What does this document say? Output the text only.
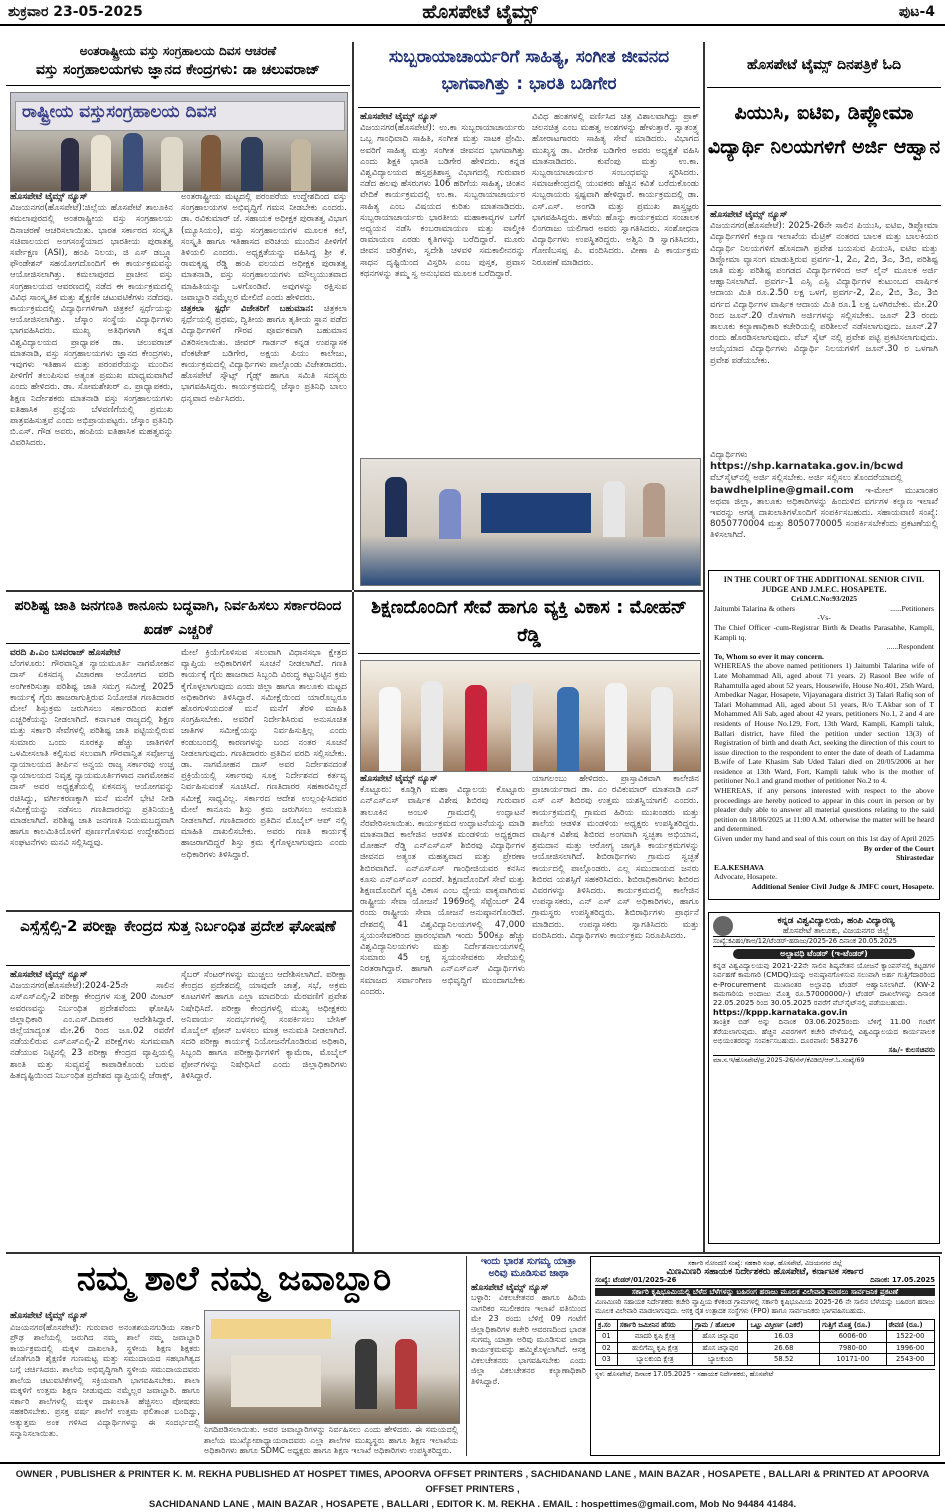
ಶುಕ್ರವಾರ 23-05-2025	ಹೊಸಪೇಟೆ ಟೈಮ್ಸ್	ಪುಟ-4
ಅಂತರಾಷ್ಟ್ರೀಯ ವಸ್ತು ಸಂಗ್ರಹಾಲಯ ದಿವಸ ಆಚರಣೆ
ವಸ್ತು ಸಂಗ್ರಹಾಲಯಗಳು ಜ್ಞಾನದ ಕೇಂದ್ರಗಳು: ಡಾ ಚಲುವರಾಜ್
ರಾಷ್ಟ್ರೀಯ ವಸ್ತುಸಂಗ್ರಹಾಲಯ ದಿವಸ
ಹೊಸಪೇಟೆ ಟೈಮ್ಸ್ ನ್ಯೂಸ್
ವಿಜಯನಗರ(ಹೊಸಪೇಟೆ):ಜಿಲ್ಲೆಯ ಹೊಸಪೇಟೆ ತಾಲೂಕಿನ ಕಮಲಾಪುರದಲ್ಲಿ ಅಂತರಾಷ್ಟ್ರೀಯ ವಸ್ತು ಸಂಗ್ರಹಾಲಯ ದಿನಾಚರಣೆ ಆಚರಿಸಲಾಯಿತು. ಭಾರತ ಸರ್ಕಾರದ ಸಂಸ್ಕೃತಿ ಸಚಿವಾಲಯದ ಅಂಗಸಂಸ್ಥೆಯಾದ ಭಾರತೀಯ ಪುರಾತತ್ವ ಸರ್ವೇಕ್ಷಣ (ASI), ಹಂಪಿ ನಿಲಯ, ಜಿ ಎಸ್ ಡಬ್ಲ್ಯೂ ಫೌಂಡೇಶನ್ ಸಹಯೋಗದೊಂದಿಗೆ ಈ ಕಾರ್ಯಕ್ರಮವನ್ನು ಆಯೋಜಿಸಲಾಗಿತ್ತು. ಕಮಲಾಪುರದ ಪ್ರಾಚೀನ ವಸ್ತು ಸಂಗ್ರಹಾಲಯದ ಆವರಣದಲ್ಲಿ ನಡೆದ ಈ ಕಾರ್ಯಕ್ರಮದಲ್ಲಿ ವಿವಿಧ ಸಾಂಸ್ಕೃತಿಕ ಮತ್ತು ಶೈಕ್ಷಣಿಕ ಚಟುವಟಿಕೆಗಳು ನಡೆದವು. ಕಾರ್ಯಕ್ರಮದಲ್ಲಿ ವಿದ್ಯಾರ್ಥಿಗಳಿಗಾಗಿ ಚಿತ್ರಕಲೆ ಸ್ಪರ್ಧೆಯನ್ನು ಆಯೋಜಿಸಲಾಗಿತ್ತು. ಜೆಸ್ಕಾಂ ಸಂಸ್ಥೆಯ ವಿದ್ಯಾರ್ಥಿಗಳು ಭಾಗವಹಿಸಿದರು. ಮುಖ್ಯ ಅತಿಥಿಗಳಾಗಿ ಕನ್ನಡ ವಿಶ್ವವಿದ್ಯಾಲಯದ ಪ್ರಾಧ್ಯಾಪಕ ಡಾ. ಚಲುವರಾಜ್ ಮಾತನಾಡಿ, ವಸ್ತು ಸಂಗ್ರಹಾಲಯಗಳು ಜ್ಞಾನದ ಕೇಂದ್ರಗಳು, ಇವುಗಳು ಇತಿಹಾಸ ಮತ್ತು ಪರಂಪರೆಯನ್ನು ಮುಂದಿನ ಪೀಳಿಗೆಗೆ ತಲುಪಿಸುವ ಅತ್ಯಂತ ಪ್ರಮುಖ ಮಾಧ್ಯಮವಾಗಿವೆ ಎಂದು ಹೇಳಿದರು. ಡಾ. ಸೋಮಶೇಖರ್ ಎ. ಪ್ರಾಧ್ಯಾಪಕರು, ಶಿಕ್ಷಣ ನಿರ್ದೇಶಕರು ಮಾತನಾಡಿ ವಸ್ತು ಸಂಗ್ರಹಾಲಯಗಳು ಐತಿಹಾಸಿಕ ಪ್ರಜ್ಞೆಯ ಬೆಳವಣಿಗೆಯಲ್ಲಿ ಪ್ರಮುಖ ಪಾತ್ರವಹಿಸುತ್ತವೆ ಎಂದು ಅಭಿಪ್ರಾಯಪಟ್ಟರು. ಜೆಸ್ಕಾಂ ಪ್ರತಿನಿಧಿ ಬಿ.ಎಸ್. ಗೌಡ ಅವರು, ಹಂಪಿಯ ಐತಿಹಾಸಿಕ ಮಹತ್ವವನ್ನು ವಿವರಿಸಿದರು.
ಅಂತರಾಷ್ಟ್ರೀಯ ಮಟ್ಟದಲ್ಲಿ ಪರಂಪರೆಯ ಉದ್ದೇಶದಿಂದ ವಸ್ತು ಸಂಗ್ರಹಾಲಯಗಳ ಅಭಿವೃದ್ಧಿಗೆ ಗಮನ ನೀಡಬೇಕು ಎಂದರು. ಡಾ. ರವಿಕುಮಾರ್ ಜೆ. ಸಹಾಯಕ ಅಧೀಕ್ಷಕ ಪುರಾತತ್ವ ವಿಭಾಗ (ಮ್ಯೂಸಿಯಂ), ವಸ್ತು ಸಂಗ್ರಹಾಲಯಗಳ ಮೂಲಕ ಕಲೆ, ಸಂಸ್ಕೃತಿ ಹಾಗೂ ಇತಿಹಾಸದ ಪರಿಚಯ ಮುಂದಿನ ಪೀಳಿಗೆಗೆ ತಿಳಿಯಲಿ ಎಂದರು. ಅಧ್ಯಕ್ಷತೆಯನ್ನು ವಹಿಸಿದ್ದ ಶ್ರೀ ಕೆ. ರಾಮಕೃಷ್ಣ ರೆಡ್ಡಿ ಹಂಪಿ ವಲಯದ ಅಧೀಕ್ಷಕ ಪುರಾತತ್ವ ಮಾತನಾಡಿ, ವಸ್ತು ಸಂಗ್ರಹಾಲಯಗಳು ಮೌಲ್ಯಯುತವಾದ ಮಾಹಿತಿಯನ್ನು ಒಳಗೊಂಡಿವೆ. ಅವುಗಳನ್ನು ರಕ್ಷಿಸುವ ಜವಾಬ್ದಾರಿ ನಮ್ಮೆಲ್ಲರ ಮೇಲಿದೆ ಎಂದು ಹೇಳಿದರು.
ಚಿತ್ರಕಲಾ ಸ್ಪರ್ಧೆ ವಿಜೇತರಿಗೆ ಬಹುಮಾನ: ಚಿತ್ರಕಲಾ ಸ್ಪರ್ಧೆಯಲ್ಲಿ ಪ್ರಥಮ, ದ್ವಿತೀಯ ಹಾಗೂ ತೃತೀಯ ಸ್ಥಾನ ಪಡೆದ ವಿದ್ಯಾರ್ಥಿಗಳಿಗೆ ಗೌರವ ಪೂರ್ವಕವಾಗಿ ಬಹುಮಾನ ವಿತರಿಸಲಾಯಿತು. ಜೀವರ್ ಗಾರ್ಡನ್ ಕನ್ನಡ ಉಪನ್ಯಾಸಕ ವೆಂಕಟೇಶ್ ಬಡಿಗೇರ, ಅಕ್ಷಯ ಪಿಯು ಕಾಲೇಜು, ಕಾರ್ಯಕ್ರಮದಲ್ಲಿ ವಿದ್ಯಾರ್ಥಿಗಳು ಪಾಲ್ಗೊಂಡು ವಿಜೇತರಾದರು. ಹೊಸಪೇಟೆ ಸ್ಕೌಟ್ಸ್ ಗೈಡ್ಸ್ ಹಾಗೂ ಸಮಿತಿ ಸದಸ್ಯರು ಭಾಗವಹಿಸಿದ್ದರು. ಕಾರ್ಯಕ್ರಮದಲ್ಲಿ ಜೆಸ್ಕಾಂ ಪ್ರತಿನಿಧಿ ಬಾಲು ಧನ್ಯವಾದ ಅರ್ಪಿಸಿದರು.
ಸುಬ್ಬರಾಯಾಚಾರ್ಯರಿಗೆ ಸಾಹಿತ್ಯ, ಸಂಗೀತ ಜೀವನದ ಭಾಗವಾಗಿತ್ತು : ಭಾರತಿ ಬಡಿಗೇರ
ಹೊಸಪೇಟೆ ಟೈಮ್ಸ್ ನ್ಯೂಸ್
ವಿಜಯನಗರ(ಹೊಸಪೇಟೆ): ಉ.ಕಾ ಸುಬ್ಬರಾಯಾಚಾರ್ಯರು ಒಬ್ಬ ಗಾಂಧಿವಾದಿ ಸಾಹಿತಿ, ಸಂಗೀತ ಮತ್ತು ನಾಟಕ ಪ್ರೇಮಿ. ಅವರಿಗೆ ಸಾಹಿತ್ಯ ಮತ್ತು ಸಂಗೀತ ಜೀವನದ ಭಾಗವಾಗಿತ್ತು ಎಂದು ಶಿಕ್ಷಕಿ ಭಾರತಿ ಬಡಿಗೇರ ಹೇಳಿದರು. ಕನ್ನಡ ವಿಶ್ವವಿದ್ಯಾಲಯದ ಹಸ್ತಪ್ರತಿಶಾಸ್ತ್ರ ವಿಭಾಗದಲ್ಲಿ ಗುರುವಾರ ನಡೆದ ಹಲವು ಹೆಸರುಗಳು 106 ಹರಿಗೆಯ ಸಾಹಿತ್ಯ, ಚಿಂತನ ವೇದಿಕೆ ಕಾರ್ಯಕ್ರಮದಲ್ಲಿ ಉ.ಕಾ. ಸುಬ್ಬರಾಯಾಚಾರ್ಯರ ಸಾಹಿತ್ಯ ಎಂಬ ವಿಷಯದ ಕುರಿತು ಮಾತನಾಡಿದರು. ಸುಬ್ಬರಾಯಾಚಾರ್ಯರು ಭಾರತೀಯ ಮಹಾಕಾವ್ಯಗಳ ಬಗೆಗೆ ಅಧ್ಯಯನ ನಡೆಸಿ ಕಂಬರಾಮಾಯಣ ಮತ್ತು ವಾಲ್ಮೀಕಿ ರಾಮಾಯಣ ಎರಡು ಕೃತಿಗಳನ್ನು ಬರೆದಿದ್ದಾರೆ. ಮೂರು ಜೀವನ ಚರಿತ್ರೆಗಳು, ಸ್ವದೇಶಿ ಚಳವಳಿ ಸಮಕಾಲೀನರನ್ನು ಸಾಧನ ದೃಷ್ಟಿಯಿಂದ ವಿಸ್ತರಿಸಿ ಎಂಬ ಪುಸ್ತಕ, ಪ್ರವಾಸ ಕಥನಗಳನ್ನು ತಮ್ಮ ಸ್ವ ಅನುಭವದ ಮೂಲಕ ಬರೆದಿದ್ದಾರೆ.
ವಿವಿಧ ಹಂತಗಳಲ್ಲಿ ವರ್ಣಿಸಿದ ಚಿತ್ರ ವಿಶಾಲವಾಗಿದ್ದು ಪ್ರಾಕ್ ಚಲನಚಿತ್ರ ಎಂಬ ಮಹತ್ವ ಅಂಶಗಳನ್ನು ಹೇಳುತ್ತಾರೆ. ಸ್ವಾತಂತ್ರ್ಯ ಹೋರಾಟಗಾರರು ಸಾಹಿತ್ಯ ಸೇವೆ ಮಾಡಿದರು. ವಿಭಾಗದ ಮುಖ್ಯಸ್ಥ ಡಾ. ವೀರೇಶ ಬಡಿಗೇರ ಅವರು ಅಧ್ಯಕ್ಷತೆ ವಹಿಸಿ ಮಾತನಾಡಿದರು. ಕುವೆಂಪು ಮತ್ತು ಉ.ಕಾ. ಸುಬ್ಬರಾಯಾಚಾರ್ಯರ ಸಂಬಂಧವನ್ನು ಸ್ಮರಿಸಿದರು. ಸಮಾಜಕೇಂದ್ರದಲ್ಲಿ ಯುವಕರು ಹೆಚ್ಚಿನ ಕವಿತೆ ಬರೆದುಕೊಂಡು ಸುಬ್ಬರಾಯರು ಸ್ಪಷ್ಟವಾಗಿ ಹೇಳಿದ್ದಾರೆ. ಕಾರ್ಯಕ್ರಮದಲ್ಲಿ ಡಾ. ಎಸ್.ಎಸ್. ಅಂಗಡಿ ಮತ್ತು ಪ್ರಮುಖ ಶಾಸ್ತ್ರಜ್ಞರು ಭಾಗವಹಿಸಿದ್ದರು. ಹಳೆಯ ಹೊನ್ನು ಕಾರ್ಯಕ್ರಮದ ಸಂಚಾಲಕ ಲಿಂಗರಾಜು ಯಲಿಗಾರ ಅವರು ಸ್ವಾಗತಿಸಿದರು. ಸಂಶೋಧನಾ ವಿದ್ಯಾರ್ಥಿಗಳು ಉಪಸ್ಥಿತರಿದ್ದರು. ಅಶ್ವಿನಿ ಡಿ ಸ್ವಾಗತಿಸಿದರು, ಗೋಣಿಬಸಪ್ಪ ಪಿ. ವಂದಿಸಿದರು. ವೀಣಾ ಪಿ ಕಾರ್ಯಕ್ರಮ ನಿರೂಪಣೆ ಮಾಡಿದರು.
ಹೊಸಪೇಟೆ ಟೈಮ್ಸ್ ದಿನಪತ್ರಿಕೆ ಓದಿ
ಪಿಯುಸಿ, ಐಟಿಐ, ಡಿಪ್ಲೋಮಾ ವಿದ್ಯಾರ್ಥಿ ನಿಲಯಗಳಿಗೆ ಅರ್ಜಿ ಆಹ್ವಾನ
ಹೊಸಪೇಟೆ ಟೈಮ್ಸ್ ನ್ಯೂಸ್
ವಿಜಯನಗರ(ಹೊಸಪೇಟೆ): 2025-26ನೇ ಸಾಲಿನ ಪಿಯುಸಿ, ಐಟಿಐ, ಡಿಪ್ಲೋಮಾ ವಿದ್ಯಾರ್ಥಿಗಳಿಗೆ ಕಲ್ಯಾಣ ಇಲಾಖೆಯ ಮೆಟ್ರಿಕ್ ನಂತರದ ಬಾಲಕ ಮತ್ತು ಬಾಲಕಿಯರ ವಿದ್ಯಾರ್ಥಿ ನಿಲಯಗಳಿಗೆ ಹೊಸದಾಗಿ ಪ್ರವೇಶ ಬಯಸುವ ಪಿಯುಸಿ, ಐಟಿಐ ಮತ್ತು ಡಿಪ್ಲೋಮಾ ವ್ಯಾಸಂಗ ಮಾಡುತ್ತಿರುವ ಪ್ರವರ್ಗ-1, 2ಎ, 2ಬಿ, 3ಎ, 3ಬಿ, ಪರಿಶಿಷ್ಟ ಜಾತಿ ಮತ್ತು ಪರಿಶಿಷ್ಟ ಪಂಗಡದ ವಿದ್ಯಾರ್ಥಿಗಳಿಂದ ಆನ್ ಲೈನ್ ಮೂಲಕ ಅರ್ಜಿ ಆಹ್ವಾನಿಸಲಾಗಿದೆ. ಪ್ರವರ್ಗ-1 ಎಸ್ಸಿ ಎಸ್ಟಿ ವಿದ್ಯಾರ್ಥಿಗಳ ಕುಟುಂಬದ ವಾರ್ಷಿಕ ಆದಾಯ ಮಿತಿ ರೂ.2.50 ಲಕ್ಷ ಒಳಗೆ, ಪ್ರವರ್ಗ-2, 2ಎ, 2ಬಿ, 3ಎ, 3ಬಿ ವರ್ಗದ ವಿದ್ಯಾರ್ಥಿಗಳ ವಾರ್ಷಿಕ ಆದಾಯ ಮಿತಿ ರೂ.1 ಲಕ್ಷ ಒಳಗಿರಬೇಕು. ಮೇ.20 ರಿಂದ ಜೂನ್.20 ರೊಳಗಾಗಿ ಅರ್ಜಿಗಳನ್ನು ಸಲ್ಲಿಸಬೇಕು. ಜೂನ್ 23 ರಂದು ತಾಲೂಕು ಕಲ್ಯಾಣಾಧಿಕಾರಿ ಕಚೇರಿಯಲ್ಲಿ ಪರಿಶೀಲನೆ ನಡೆಸಲಾಗುವುದು. ಜೂನ್.27 ರಂದು ಹೊರಡಿಸಲಾಗುವುದು. ವೆಬ್ ಸೈಟ್ ನಲ್ಲಿ ಪ್ರವೇಶ ಪಟ್ಟಿ ಪ್ರಕಟಿಸಲಾಗುವುದು. ಆಯ್ಕೆಯಾದ ವಿದ್ಯಾರ್ಥಿಗಳು ವಿದ್ಯಾರ್ಥಿ ನಿಲಯಗಳಿಗೆ ಜೂನ್.30 ರ ಒಳಗಾಗಿ ಪ್ರವೇಶ ಪಡೆಯಬೇಕು.
ವಿದ್ಯಾರ್ಥಿಗಳು https://shp.karnataka.gov.in/bcwd ವೆಬ್‌ಸೈಟ್‌ನಲ್ಲಿ ಅರ್ಜಿ ಸಲ್ಲಿಸಬೇಕು. ಅರ್ಜಿ ಸಲ್ಲಿಸಲು ತೊಂದರೆಯಾದಲ್ಲಿ
bawdhelpline@gmail.com ಇ-ಮೇಲ್ ಮುಖಾಂತರ ಅಥವಾ ಜಿಲ್ಲಾ, ತಾಲೂಕು ಅಧಿಕಾರಿಗಳನ್ನು ಹಿಂದುಳಿದ ವರ್ಗಗಳ ಕಲ್ಯಾಣ ಇಲಾಖೆ ಇವರನ್ನು ಅಗತ್ಯ ದಾಖಲಾತಿಗಳೊಂದಿಗೆ ಸಂಪರ್ಕಿಸಬಹುದು. ಸಹಾಯವಾಣಿ ಸಂಖ್ಯೆ: 8050770004 ಮತ್ತು 8050770005 ಸಂಪರ್ಕಿಸಬೇಕೆಂದು ಪ್ರಕಟಣೆಯಲ್ಲಿ ತಿಳಿಸಲಾಗಿದೆ.
IN THE COURT OF THE ADDITIONAL SENIOR CIVIL JUDGE AND J.M.F.C. HOSAPETE.
Cri.M.C.No:93/2025
Jaitumbi Talarina & others	......Petitioners
-Vs-
The Chief Officer -cum-Registrar Birth & Deaths Parasabhe, Kampli, Kampli tq.
......Respondent
To, Whom so ever it may concern.
WHEREAS the above named petitioners 1) Jaitumbi Talarina wife of Late Mohammad Ali, aged about 71 years. 2) Rasool Bee wife of Rahamtulla aged about 52 years, Housewife, House No.401, 25th Ward, Ambedkar Nagar, Hosapete, Vijayanagara district 3) Talari Rafiq son of Talari Mohammad Ali, aged about 51 years, R/o T.Akbar son of T Mohammed Ali Sab, aged about 42 years, petitioners No.1, 2 and 4 are residents of House No.129, Fort, 13th Ward, Kampli, Kampli taluk, Ballari district, have filed the petition under section 13(3) of Registration of birth and death Act, seeking the direction of this court to issue direction to the respondent to enter the date of death of Ladamma B.wife of Late Khasim Sab Uded Talari died on 20/05/2006 at her residence at 13th Ward, Fort, Kampli taluk who is the mother of petitioner No.1 and grand mother of petitioner No.2 to 4.
WHEREAS, if any persons interested with respect to the above proceedings are hereby noticed to appear in this court in person or by pleader duly able to answer all material questions relating to the said petition on 18/06/2025 at 11:00 A.M. otherwise the matter will be heard and determined.
Given under my hand and seal of this court on this 1st day of April 2025
By order of the Court
Shirastedar
E.A.KESHAVA
Advocate, Hosapete.
Additional Senior Civil Judge & JMFC court, Hosapete.
ಕನ್ನಡ ವಿಶ್ವವಿದ್ಯಾಲಯ, ಹಂಪಿ ವಿದ್ಯಾರಣ್ಯ
ಹೊಸಪೇಟೆ ತಾಲೂಕು, ವಿಜಯನಗರ ಜಿಲ್ಲೆ
ಸಂಖ್ಯೆ:ಕವಿಹಂ/ಕಾಅ/12/ಟೆಂಡರ್-ಹರಾಜು/2025-26 ದಿನಾಂಕ 20.05.2025
ಅಲ್ಪಾವಧಿ ಟೆಂಡರ್ (ಇ-ಟೆಂಡರ್)
ಕನ್ನಡ ವಿಶ್ವವಿದ್ಯಾಲಯವು 2021-22ನೇ ಸಾಲಿನ ಶಿಷ್ಯವೇತನ ಯೋಜನೆ ಕ್ಯಾಂಪಸ್‌ನಲ್ಲಿ ಕಟ್ಟಡಗಳ ನಿರ್ವಹಣೆ ಕಾಮಗಾರಿ (CMDQ)ಯನ್ನು ಅನುಷ್ಠಾನಗೊಳಿಸುವ ಸಲುವಾಗಿ ಅರ್ಹ ಗುತ್ತಿಗೆದಾರರಿಂದ e-Procurement ಮುಖಾಂತರ ಅಲ್ಪಾವಧಿ ಟೆಂಡರ್ ಆಹ್ವಾನಿಸಲಾಗಿದೆ. (KW-2 ಕಾಮಗಾರಿಯ ಅಂದಾಜು ಮೊತ್ತ ರೂ.57000000/-) ಟೆಂಡರ್ ದಾಖಲೆಗಳನ್ನು ದಿನಾಂಕ 22.05.2025 ರಿಂದ 30.05.2025 ರವರೆಗೆ ವೆಬ್‌ಸೈಟ್‌ನಲ್ಲಿ ಪಡೆಯಬಹುದು.
https://kppp.karnataka.gov.in
ತಾಂತ್ರಿಕ ಬಿಡ್ ಅನ್ನು ದಿನಾಂಕ 03.06.2025ರಂದು ಬೆಳಿಗ್ಗೆ 11.00 ಗಂಟೆಗೆ ತೆರೆಯಲಾಗುವುದು. ಹೆಚ್ಚಿನ ವಿವರಗಳಿಗೆ ಕಚೇರಿ ವೇಳೆಯಲ್ಲಿ ವಿಶ್ವವಿದ್ಯಾಲಯದ ಕಾರ್ಯಪಾಲಕ ಅಭಿಯಂತರರನ್ನು ಸಂಪರ್ಕಿಸಬಹುದು. ದೂರವಾಣಿ: 583276
ಸಹಿ/- ಕುಲಸಚಿವರು
ಮಾ.ಸ.ಇ/ಹೊಸಪೇಟೆ/ಪ್ರ.2025-26/ಸೆಸ್/ಕೆವಿಡಿಬಿ/ಆರ್.ಓ.ಸಂಖ್ಯೆ/69
ಪರಿಶಿಷ್ಟ ಜಾತಿ ಜನಗಣತಿ ಕಾನೂನು ಬದ್ಧವಾಗಿ, ನಿರ್ವಹಿಸಲು ಸರ್ಕಾರದಿಂದ ಖಡಕ್ ಎಚ್ಚರಿಕೆ
ವರದಿ ಪಿ.ಎಂ ಬಸವರಾಜ್ ಹೊಸಪೇಟೆ
ಬೆಂಗಳೂರು: ಗೌರವಾನ್ವಿತ ನ್ಯಾಯಮೂರ್ತಿ ನಾಗಮೋಹನ ದಾಸ್ ಏಕಸದಸ್ಯ ವಿಚಾರಣಾ ಆಯೋಗದ ವರದಿ ಅಂಗೀಕರಿಸುತ್ತಾ ಪರಿಶಿಷ್ಟ ಜಾತಿ ಸಮಗ್ರ ಸಮೀಕ್ಷೆ 2025 ಕಾರ್ಯಕ್ಕೆ ಗೈರು ಹಾಜರಾಗುತ್ತಿರುವ ನಿಯೋಜಿತ ಗಣತಿದಾರರ ಮೇಲೆ ಶಿಸ್ತುಕ್ರಮ ಜರುಗಿಸಲು ಸರ್ಕಾರದಿಂದ ಖಡಕ್ ಎಚ್ಚರಿಕೆಯನ್ನು ನೀಡಲಾಗಿದೆ. ಕರ್ನಾಟಕ ರಾಜ್ಯದಲ್ಲಿ ಶಿಕ್ಷಣ ಮತ್ತು ಸರ್ಕಾರಿ ಸೇವೆಗಳಲ್ಲಿ ಪರಿಶಿಷ್ಟ ಜಾತಿ ಪಟ್ಟಿಯಲ್ಲಿರುವ ಸುಮಾರು ಒಂದು ನೂರಕ್ಕೂ ಹೆಚ್ಚು ಜಾತಿಗಳಿಗೆ ಒಳಮೀಸಲಾತಿ ಕಲ್ಪಿಸುವ ಸಲುವಾಗಿ ಗೌರವಾನ್ವಿತ ಸರ್ವೋಚ್ಚ ನ್ಯಾಯಾಲಯದ ತೀರ್ಪಿನ ಅನ್ವಯ ರಾಜ್ಯ ಸರ್ಕಾರವು ಉಚ್ಚ ನ್ಯಾಯಾಲಯದ ನಿವೃತ್ತ ನ್ಯಾಯಮೂರ್ತಿಗಳಾದ ನಾಗಮೋಹನ ದಾಸ್ ಅವರ ಅಧ್ಯಕ್ಷತೆಯಲ್ಲಿ ಏಕಸದಸ್ಯ ಆಯೋಗವನ್ನು ರಚಿಸಿದ್ದು, ವರ್ಗೀಕರಣಕ್ಕಾಗಿ ಮನೆ ಮನೆಗೆ ಭೇಟಿ ನೀಡಿ ಸಮೀಕ್ಷೆಯನ್ನು ನಡೆಸಲು ಗಣತಿದಾರರನ್ನು ಪ್ರತಿನಿಯುಕ್ತಿ ಮಾಡಲಾಗಿದೆ. ಪರಿಶಿಷ್ಟ ಜಾತಿ ಜನಗಣತಿ ನಿಯಮಬದ್ಧವಾಗಿ ಹಾಗೂ ಕಾಲಮಿತಿಯೊಳಗೆ ಪೂರ್ಣಗೊಳಿಸುವ ಉದ್ದೇಶದಿಂದ ಸಂಘಟನೆಗಳು ಮನವಿ ಸಲ್ಲಿಸಿದ್ದವು.
ಮೇಲೆ ಕ್ರಿಯೆಗೊಳಿಸುವ ಸಲುವಾಗಿ ವಿಧಾನಸಭಾ ಕ್ಷೇತ್ರದ ವ್ಯಾಪ್ತಿಯ ಅಧಿಕಾರಿಗಳಿಗೆ ಸೂಚನೆ ನೀಡಲಾಗಿದೆ. ಗಣತಿ ಕಾರ್ಯಕ್ಕೆ ಗೈರು ಹಾಜರಾದ ಸಿಬ್ಬಂದಿ ವಿರುದ್ಧ ಕಟ್ಟುನಿಟ್ಟಿನ ಕ್ರಮ ಕೈಗೊಳ್ಳಲಾಗುವುದು ಎಂದು ಜಿಲ್ಲಾ ಹಾಗೂ ತಾಲೂಕು ಮಟ್ಟದ ಅಧಿಕಾರಿಗಳು ತಿಳಿಸಿದ್ದಾರೆ. ಸಮೀಕ್ಷೆಯಿಂದ ಯಾರೊಬ್ಬರೂ ಹೊರಗುಳಿಯದಂತೆ ಮನೆ ಮನೆಗೆ ತೆರಳಿ ಮಾಹಿತಿ ಸಂಗ್ರಹಿಸಬೇಕು. ಅವರಿಗೆ ನಿರ್ದೇಶಿಸಿರುವ ಅನುಸೂಚಿತ ಜಾತಿಗಳ ಸಮೀಕ್ಷೆಯನ್ನು ನಿರ್ವಹಿಸುತ್ತಿಲ್ಲ ಎಂದು ಕಂಡುಬಂದಲ್ಲಿ ಕಾರಣಗಳನ್ನು ಬಂದ ನಂತರ ಸೂಚನೆ ನೀಡಲಾಗುವುದು. ಗಣತಿದಾರರು ಪ್ರತಿದಿನ ವರದಿ ಸಲ್ಲಿಸಬೇಕು. ಡಾ. ನಾಗಮೋಹನ ದಾಸ್ ಅವರ ನಿರ್ದೇಶನದಂತೆ ಪ್ರಕ್ರಿಯೆಯಲ್ಲಿ ಸರ್ಕಾರವು ಸೂಕ್ತ ನಿರ್ದೇಶನದ ಕರ್ತವ್ಯ ನಿರ್ವಹಿಸುವಂತೆ ಸೂಚಿಸಿದೆ. ಗಣತಿದಾರರ ಸಹಕಾರವಿಲ್ಲದೆ ಸಮೀಕ್ಷೆ ಸಾಧ್ಯವಿಲ್ಲ. ಸರ್ಕಾರದ ಆದೇಶ ಉಲ್ಲಂಘಿಸಿದವರ ಮೇಲೆ ಕಾನೂನು ಶಿಸ್ತು ಕ್ರಮ ಜರುಗಿಸಲು ಅನುಮತಿ ನೀಡಲಾಗಿದೆ. ಗಣತಿದಾರರು ಪ್ರತಿದಿನ ಮೊಬೈಲ್ ಆಪ್ ನಲ್ಲಿ ಮಾಹಿತಿ ದಾಖಲಿಸಬೇಕು. ಅವರು ಗಣತಿ ಕಾರ್ಯಕ್ಕೆ ಹಾಜರಾಗದಿದ್ದರೆ ಶಿಸ್ತು ಕ್ರಮ ಕೈಗೊಳ್ಳಲಾಗುವುದು ಎಂದು ಅಧಿಕಾರಿಗಳು ತಿಳಿಸಿದ್ದಾರೆ.
ಶಿಕ್ಷಣದೊಂದಿಗೆ ಸೇವೆ ಹಾಗೂ ವ್ಯಕ್ತಿ ವಿಕಾಸ : ಮೋಹನ್ ರೆಡ್ಡಿ
ಹೊಸಪೇಟೆ ಟೈಮ್ಸ್ ನ್ಯೂಸ್
ಕೊಟ್ಟೂರು: ಕೂಡ್ಲಿಗಿ ಮಹಾ ವಿದ್ಯಾಲಯ ಕೊಟ್ಟೂರು ಎನ್ಎಸ್ಎಸ್ ವಾರ್ಷಿಕ ವಿಶೇಷ ಶಿಬಿರವು ಗುರುವಾರ ತಾಲೂಕಿನ ಅಂಬಳಿ ಗ್ರಾಮದಲ್ಲಿ ಉದ್ಘಾಟನೆ ನೆರವೇರಿಸಲಾಯಿತು. ಕಾರ್ಯಕ್ರಮದ ಉದ್ಘಾಟನೆಯನ್ನು ಮಾಡಿ ಮಾತನಾಡಿದ ಕಾಲೇಜಿನ ಆಡಳಿತ ಮಂಡಳಿಯ ಅಧ್ಯಕ್ಷರಾದ ಮೋಹನ್ ರೆಡ್ಡಿ ಎನ್ಎಸ್ಎಸ್ ಶಿಬಿರವು ವಿದ್ಯಾರ್ಥಿಗಳ ಜೀವನದ ಅತ್ಯಂತ ಮಹತ್ವವಾದ ಮತ್ತು ಪ್ರೇರಣಾ ಶಿಬಿರವಾಗಿದೆ. ಎನ್ಎಸ್ಎಸ್ ಗಾಂಧೀಜಿಯವರ ಕನಸಿನ ಕೂಸು ಎನ್ಎಸ್ಎಸ್ ಎಂದರೆ. ಶಿಕ್ಷಣದೊಂದಿಗೆ ಸೇವೆ ಮತ್ತು ಶಿಕ್ಷಣದೊಂದಿಗೆ ವ್ಯಕ್ತಿ ವಿಕಾಸ ಎಂಬ ಧ್ಯೇಯ ವಾಕ್ಯವಾಗಿರುವ ರಾಷ್ಟ್ರೀಯ ಸೇವಾ ಯೋಜನೆ 1969ರಲ್ಲಿ ಸೆಪ್ಟೆಂಬರ್ 24 ರಂದು ರಾಷ್ಟ್ರೀಯ ಸೇವಾ ಯೋಜನೆ ಅನುಷ್ಠಾನಗೊಂಡಿದೆ. ದೇಶದಲ್ಲಿ 41 ವಿಶ್ವವಿದ್ಯಾನಿಲಯಗಳಲ್ಲಿ 47,000 ಸ್ವಯಂಸೇವಕರಿಂದ ಪ್ರಾರಂಭವಾಗಿ ಇಂದು 500ಕ್ಕೂ ಹೆಚ್ಚು ವಿಶ್ವವಿದ್ಯಾನಿಲಯಗಳು ಮತ್ತು ನಿರ್ದೇಶನಾಲಯಗಳಲ್ಲಿ ಸುಮಾರು 45 ಲಕ್ಷ ಸ್ವಯಂಸೇವಕರು ಸೇವೆಯಲ್ಲಿ ನಿರತರಾಗಿದ್ದಾರೆ. ಹಾಗಾಗಿ ಎನ್ಎಸ್ಎಸ್ ವಿದ್ಯಾರ್ಥಿಗಳು ಸಮಾಜದ ಸರ್ವಾಂಗೀಣ ಅಭಿವೃದ್ಧಿಗೆ ಮುಂದಾಗಬೇಕು ಎಂದರು.
ಯಾಗಲಂಬು ಹೇಳಿದರು. ಪ್ರಾಸ್ತಾವಿಕವಾಗಿ ಕಾಲೇಜಿನ ಪ್ರಾಚಾರ್ಯರಾದ ಡಾ. ಎಂ ರವಿಕುಮಾರ್ ಮಾತನಾಡಿ ಎನ್ ಎಸ್ ಎಸ್ ಶಿಬಿರವು ಉತ್ತಮ ಯಶಸ್ವಿಯಾಗಲಿ ಎಂದರು. ಕಾರ್ಯಕ್ರಮದಲ್ಲಿ ಗ್ರಾಮದ ಹಿರಿಯ ಮುಖಂಡರು ಮತ್ತು ಶಾಲೆಯ ಆಡಳಿತ ಮಂಡಳಿಯ ಅಧ್ಯಕ್ಷರು ಉಪಸ್ಥಿತರಿದ್ದರು. ವಾರ್ಷಿಕ ವಿಶೇಷ ಶಿಬಿರದ ಅಂಗವಾಗಿ ಸ್ವಚ್ಛತಾ ಅಭಿಯಾನ, ಶ್ರಮದಾನ ಮತ್ತು ಆರೋಗ್ಯ ಜಾಗೃತಿ ಕಾರ್ಯಕ್ರಮಗಳನ್ನು ಆಯೋಜಿಸಲಾಗಿದೆ. ಶಿಬಿರಾರ್ಥಿಗಳು ಗ್ರಾಮದ ಸ್ವಚ್ಛತೆ ಕಾರ್ಯದಲ್ಲಿ ಪಾಲ್ಗೊಂಡರು. ಎಲ್ಲ ಸಮುದಾಯದ ಜನರು ಶಿಬಿರದ ಯಶಸ್ಸಿಗೆ ಸಹಕರಿಸಿದರು. ಶಿಬಿರಾಧಿಕಾರಿಗಳು ಶಿಬಿರದ ವಿವರಗಳನ್ನು ತಿಳಿಸಿದರು. ಕಾರ್ಯಕ್ರಮದಲ್ಲಿ ಕಾಲೇಜಿನ ಉಪನ್ಯಾಸಕರು, ಎನ್ ಎಸ್ ಎಸ್ ಅಧಿಕಾರಿಗಳು, ಹಾಗೂ ಗ್ರಾಮಸ್ಥರು ಉಪಸ್ಥಿತರಿದ್ದರು. ಶಿಬಿರಾರ್ಥಿಗಳು ಪ್ರಾರ್ಥನೆ ಮಾಡಿದರು. ಉಪನ್ಯಾಸಕರು ಸ್ವಾಗತಿಸಿದರು ಮತ್ತು ವಂದಿಸಿದರು. ವಿದ್ಯಾರ್ಥಿಗಳು ಕಾರ್ಯಕ್ರಮ ನಿರೂಪಿಸಿದರು.
ಎಸ್ಸೆಸ್ಸೆಲ್ಸಿ-2 ಪರೀಕ್ಷಾ ಕೇಂದ್ರದ ಸುತ್ತ ನಿರ್ಬಂಧಿತ ಪ್ರದೇಶ ಘೋಷಣೆ
ಹೊಸಪೇಟೆ ಟೈಮ್ಸ್ ನ್ಯೂಸ್
ವಿಜಯನಗರ(ಹೊಸಪೇಟೆ):2024-25ನೇ ಸಾಲಿನ ಎಸ್ಎಸ್ಎಲ್ಸಿ-2 ಪರೀಕ್ಷಾ ಕೇಂದ್ರಗಳ ಸುತ್ತ 200 ಮೀಟರ್ ಅವರಣವನ್ನು ನಿರ್ಬಂಧಿತ ಪ್ರದೇಶವೆಂದು ಘೋಷಿಸಿ ಜಿಲ್ಲಾಧಿಕಾರಿ ಎಂ.ಎಸ್.ದಿವಾಕರ ಆದೇಶಿಸಿದ್ದಾರೆ. ಜಿಲ್ಲೆಯಾದ್ಯಂತ ಮೇ.26 ರಿಂದ ಜೂ.02 ರವರೆಗೆ ನಡೆಯಲಿರುವ ಎಸ್ಎಸ್ಎಲ್ಸಿ-2 ಪರೀಕ್ಷೆಗಳು ಸುಗಮವಾಗಿ ನಡೆಯುವ ನಿಟ್ಟಿನಲ್ಲಿ 23 ಪರೀಕ್ಷಾ ಕೇಂದ್ರದ ವ್ಯಾಪ್ತಿಯಲ್ಲಿ ಶಾಂತಿ ಮತ್ತು ಸುವ್ಯವಸ್ಥೆ ಕಾಪಾಡಿಕೊಂಡು ಬರುವ ಹಿತದೃಷ್ಟಿಯಿಂದ ನಿರ್ಬಂಧಿತ ಪ್ರದೇಶದ ವ್ಯಾಪ್ತಿಯಲ್ಲಿ ಜೆರಾಕ್ಸ್,
ಸೈಬರ್ ಸೆಂಟರ್‌ಗಳನ್ನು ಮುಚ್ಚಲು ಆದೇಶಿಸಲಾಗಿದೆ. ಪರೀಕ್ಷಾ ಕೇಂದ್ರದ ಪ್ರದೇಶದಲ್ಲಿ ಯಾವುದೇ ಜಾತ್ರೆ, ಸಭೆ, ಅಕ್ರಮ ಕೂಟಗಳಿಗೆ ಹಾಗೂ ಎಲ್ಲಾ ಮಾದರಿಯ ಮೆರವಣಿಗೆ ಪ್ರವೇಶ ನಿಷೇಧಿಸಿದೆ. ಪರೀಕ್ಷಾ ಕೇಂದ್ರಗಳಲ್ಲಿ ಮುಖ್ಯ ಅಧೀಕ್ಷಕರು ಅನಿವಾರ್ಯ ಸಂದರ್ಭಗಳಲ್ಲಿ ಸಂಪರ್ಕಿಸಲು ಬೇಸಿಕ್ ಮೊಬೈಲ್ ಫೋನ್ ಬಳಸಲು ಮಾತ್ರ ಅನುಮತಿ ನೀಡಲಾಗಿದೆ. ಸದರಿ ಪರೀಕ್ಷಾ ಕಾರ್ಯಕ್ಕೆ ನಿಯೋಜನೆಗೊಂಡಿರುವ ಅಧಿಕಾರಿ, ಸಿಬ್ಬಂದಿ ಹಾಗೂ ಪರೀಕ್ಷಾರ್ಥಿಗಳಿಗೆ ಕ್ಯಾಮೆರಾ, ಮೊಬೈಲ್ ಫೋನ್‌ಗಳನ್ನು ನಿಷೇಧಿಸಿದೆ ಎಂದು ಜಿಲ್ಲಾಧಿಕಾರಿಗಳು ತಿಳಿಸಿದ್ದಾರೆ.
ನಮ್ಮ ಶಾಲೆ ನಮ್ಮ ಜವಾಬ್ದಾರಿ
ಹೊಸಪೇಟೆ ಟೈಮ್ಸ್ ನ್ಯೂಸ್
ವಿಜಯನಗರ(ಹೊಸಪೇಟೆ): ಗುರುವಾರ ಅನಂತಶಯನಗುಡಿಯ ಸರ್ಕಾರಿ ಪ್ರೌಢ ಶಾಲೆಯಲ್ಲಿ ಜರುಗಿದ ನಮ್ಮ ಶಾಲೆ ನಮ್ಮ ಜವಾಬ್ದಾರಿ ಕಾರ್ಯಕ್ರಮದಲ್ಲಿ ಮಕ್ಕಳ ದಾಖಲಾತಿ, ಸ್ಥಳೀಯ ಶಿಕ್ಷಣ ಶಿಕ್ಷಕರು ಜೊತೆಗೂಡಿ ಶೈಕ್ಷಣಿಕ ಗುಣಮಟ್ಟ ಮತ್ತು ಸಮುದಾಯದ ಸಹಭಾಗಿತ್ವದ ಬಗ್ಗೆ ಚರ್ಚಿಸಿದರು. ಶಾಲೆಯ ಅಭಿವೃದ್ಧಿಗಾಗಿ ಸ್ಥಳೀಯ ಸಮುದಾಯದವರು ಶಾಲೆಯ ಚಟುವಟಿಕೆಗಳಲ್ಲಿ ಸಕ್ರಿಯವಾಗಿ ಭಾಗವಹಿಸಬೇಕು. ಶಾಲಾ ಮಕ್ಕಳಿಗೆ ಉತ್ತಮ ಶಿಕ್ಷಣ ನೀಡುವುದು ನಮ್ಮೆಲ್ಲರ ಜವಾಬ್ದಾರಿ. ಹಾಗೂ ಸರ್ಕಾರಿ ಶಾಲೆಗಳಲ್ಲಿ ಮಕ್ಕಳ ದಾಖಲಾತಿ ಹೆಚ್ಚಿಸಲು ಪೋಷಕರು ಸಹಕರಿಸಬೇಕು. ಪ್ರಸಕ್ತ ವರ್ಷ ಶಾಲೆಗೆ ಉತ್ತಮ ಫಲಿತಾಂಶ ಬಂದಿದ್ದು, ಅತ್ಯುತ್ತಮ ಅಂಕ ಗಳಿಸಿದ ವಿದ್ಯಾರ್ಥಿಗಳನ್ನು ಈ ಸಂದರ್ಭದಲ್ಲಿ ಸನ್ಮಾನಿಸಲಾಯಿತು.	ನಿಗದಿಪಡಿಸಲಾಯಿತು. ಅವರ ಜವಾಬ್ದಾರಿಗಳನ್ನು ನಿರ್ವಹಿಸಲು ಎಂದು ಹೇಳಿದರು. ಈ ಸಮಯದಲ್ಲಿ ಶಾಲೆಯ ಮುಖ್ಯೋಪಾಧ್ಯಾಯರಾದವರು ಎಲ್ಲಾ ಶಾಲೆಗಳ ಮುಖ್ಯಸ್ಥರು ಹಾಗೂ ಶಿಕ್ಷಣ ಇಲಾಖೆಯ ಅಧಿಕಾರಿಗಳು ಹಾಗೂ SDMC ಅಧ್ಯಕ್ಷರು ಹಾಗೂ ಶಿಕ್ಷಣ ಇಲಾಖೆ ಅಧಿಕಾರಿಗಳು ಉಪಸ್ಥಿತರಿದ್ದರು.
ಇಂದು ಭಾರತ ಸುಗಮ್ಯ ಯಾತ್ರಾ ಅರಿವು ಮೂಡಿಸುವ ಜಾಥಾ
ಹೊಸಪೇಟೆ ಟೈಮ್ಸ್ ನ್ಯೂಸ್
ಬಳ್ಳಾರಿ: ವಿಕಲಚೇತನರ ಹಾಗೂ ಹಿರಿಯ ನಾಗರಿಕರ ಸಬಲೀಕರಣ ಇಲಾಖೆ ವತಿಯಿಂದ ಮೇ 23 ರಂದು ಬೆಳಿಗ್ಗೆ 09 ಗಂಟೆಗೆ ಜಿಲ್ಲಾಧಿಕಾರಿಗಳ ಕಚೇರಿ ಆವರಣದಿಂದ ಭಾರತ ಸುಗಮ್ಯ ಯಾತ್ರಾ ಅರಿವು ಮೂಡಿಸುವ ಜಾಥಾ ಕಾರ್ಯಕ್ರಮವನ್ನು ಹಮ್ಮಿಕೊಳ್ಳಲಾಗಿದೆ. ಆಸಕ್ತ ವಿಕಲಚೇತನರು ಭಾಗವಹಿಸಬೇಕು ಎಂದು ಜಿಲ್ಲಾ ವಿಕಲಚೇತನರ ಕಲ್ಯಾಣಾಧಿಕಾರಿ ತಿಳಿಸಿದ್ದಾರೆ.
ಸರ್ಕಾರಿ ನೋಂದಣಿ ಸಂಖ್ಯೆ: ಸಹಕಾರಿ ಸಂಘ, ಹೊಸಪೇಟೆ, ವಿಜಯನಗರ ಜಿಲ್ಲೆ
ಮಿಣಮಿಣರಿ ಸಹಾಯಕ ನಿರ್ದೇಶಕರು ಹೊಸಪೇಟೆ, ಕರ್ನಾಟಕ ಸರ್ಕಾರ
ಸಂಖ್ಯೆ: ಟೆಂಡರ್/01/2025-26	ದಿನಾಂಕ: 17.05.2025
ಸರ್ಕಾರಿ ಕೃಷಿಭೂಮಿಯಲ್ಲಿ ಬೆಳೆದ ಬೆಳೆಗಳನ್ನು ಬಹಿರಂಗ ಹರಾಜು ಮೂಲಕ ವಿಲೇವಾರಿ ಮಾಡಲು ಸಾರ್ವಜನಿಕ ಪ್ರಕಟಣೆ
ಮಿಣಮಿಣರಿ ಸಹಾಯಕ ನಿರ್ದೇಶಕರು ಕಚೇರಿ ವ್ಯಾಪ್ತಿಯ ಕೆಳಕಂಡ ಗ್ರಾಮಗಳಲ್ಲಿ ಸರ್ಕಾರಿ ಕೃಷಿಭೂಮಿಯ 2025-26 ನೇ ಸಾಲಿನ ಬೆಳೆಯನ್ನು ಬಹಿರಂಗ ಹರಾಜು ಮೂಲಕ ವಿಲೇವಾರಿ ಮಾಡಲಾಗುವುದು. ಆಸಕ್ತ ರೈತ ಉತ್ಪಾದಕ ಸಂಸ್ಥೆಗಳು (FPO) ಹಾಗೂ ಸಾರ್ವಜನಿಕರು ಭಾಗವಹಿಸಬಹುದು.
ಕ್ರ.ಸಂ	ಸರ್ಕಾರಿ ಜಮೀನಿನ ಹೆಸರು	ಗ್ರಾಮ / ಹೋಬಳಿ	ಒಟ್ಟು ವಿಸ್ತೀರ್ಣ (ಎಕರೆ)	ಗುತ್ತಿಗೆ ಮೊತ್ತ (ರೂ.)	ಠೇವಣಿ (ರೂ.)
01	ಮಾದರಿ ಕೃಷಿ ಕ್ಷೇತ್ರ	ಹೊಸ ಚಿನ್ನಾಪುರ	16.03	6006-00	1522-00
02	ಹುಲಿಗೆಮ್ಮ ಕೃಷಿ ಕ್ಷೇತ್ರ	ಹೊಸ ಚಿನ್ನಾಪುರ	26.68	7980-00	1996-00
03	ಬ್ಯಾಲಕುಂದಿ ಕ್ಷೇತ್ರ	ಬ್ಯಾಲಕುಂದಿ	58.52	10171-00	2543-00
ಸ್ಥಳ: ಹೊಸಪೇಟೆ, ದಿನಾಂಕ 17.05.2025 - ಸಹಾಯಕ ನಿರ್ದೇಶಕರು, ಹೊಸಪೇಟೆ
OWNER , PUBLISHER & PRINTER K. M. REKHA PUBLISHED AT HOSPET TIMES, APOORVA OFFSET PRINTERS , SACHIDANAND LANE , MAIN BAZAR , HOSAPETE , BALLARI & PRINTED AT APOORVA OFFSET PRINTERS ,
SACHIDANAND LANE , MAIN BAZAR , HOSAPETE , BALLARI , EDITOR K. M. REKHA . EMAIL : hospettimes@gmail.com, Mob No 94484 41484.
